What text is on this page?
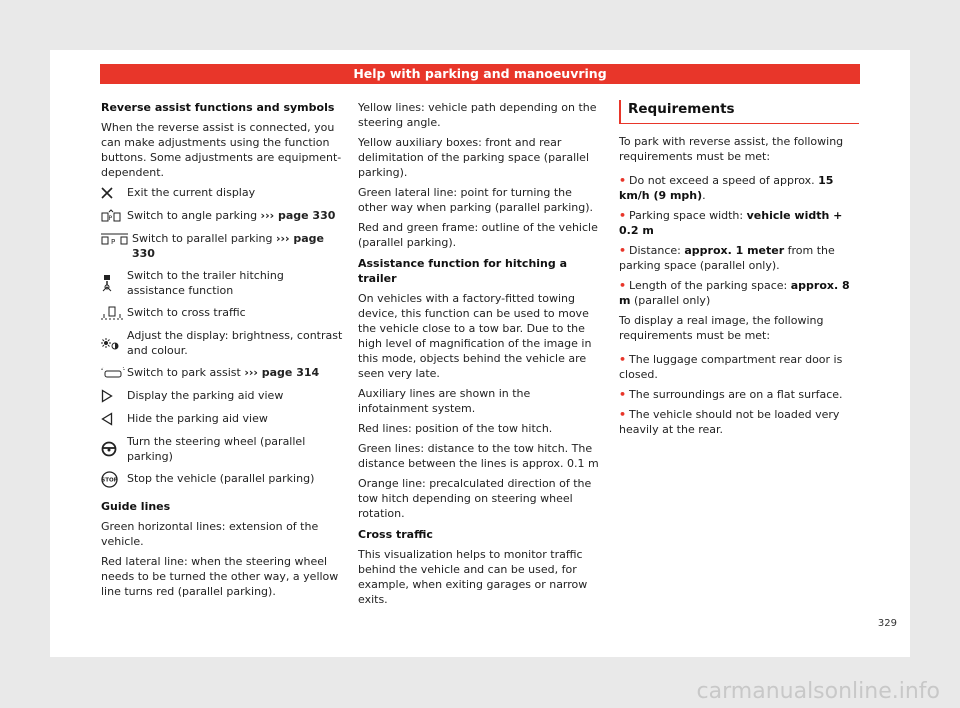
Help with parking and manoeuvring

Reverse assist functions and symbols

When the reverse assist is connected, you can make adjustments using the function buttons. Some adjustments are equipment-dependent.

Exit the current display
P Switch to angle parking ››› page 330
P Switch to parallel parking ››› page 330
Switch to the trailer hitching assistance function
Switch to cross traffic
Adjust the display: brightness, contrast and colour.
Switch to park assist ››› page 314
Display the parking aid view
Hide the parking aid view
Turn the steering wheel (parallel parking)
STOP Stop the vehicle (parallel parking)

Guide lines

Green horizontal lines: extension of the vehicle.

Red lateral line: when the steering wheel needs to be turned the other way, a yellow line turns red (parallel parking).

Yellow lines: vehicle path depending on the steering angle.

Yellow auxiliary boxes: front and rear delimitation of the parking space (parallel parking).

Green lateral line: point for turning the other way when parking (parallel parking).

Red and green frame: outline of the vehicle (parallel parking).

Assistance function for hitching a trailer

On vehicles with a factory-fitted towing device, this function can be used to move the vehicle close to a tow bar. Due to the high level of magnification of the image in this mode, objects behind the vehicle are seen very late.

Auxiliary lines are shown in the infotainment system.

Red lines: position of the tow hitch.

Green lines: distance to the tow hitch. The distance between the lines is approx. 0.1 m

Orange line: precalculated direction of the tow hitch depending on steering wheel rotation.

Cross traffic

This visualization helps to monitor traffic behind the vehicle and can be used, for example, when exiting garages or narrow exits.

Requirements

To park with reverse assist, the following requirements must be met:

• Do not exceed a speed of approx. 15 km/h (9 mph).

• Parking space width: vehicle width + 0.2 m

• Distance: approx. 1 meter from the parking space (parallel only).

• Length of the parking space: approx. 8 m (parallel only)

To display a real image, the following requirements must be met:

• The luggage compartment rear door is closed.

• The surroundings are on a flat surface.

• The vehicle should not be loaded very heavily at the rear.

329
carmanualsonline.info
